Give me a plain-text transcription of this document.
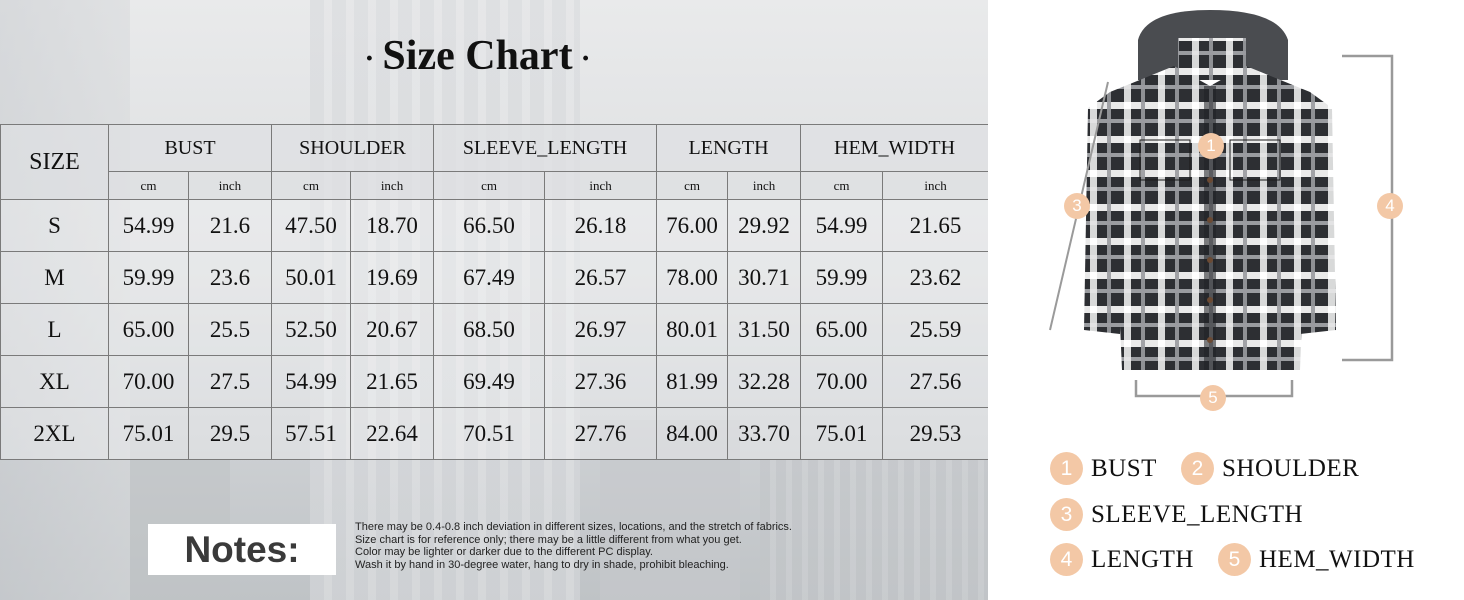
· Size Chart ·
SIZE	BUST		SHOULDER		SLEEVE_LENGTH		LENGTH		HEM_WIDTH	
	cm	inch	cm	inch	cm	inch	cm	inch	cm	inch
S	54.99	21.6	47.50	18.70	66.50	26.18	76.00	29.92	54.99	21.65
M	59.99	23.6	50.01	19.69	67.49	26.57	78.00	30.71	59.99	23.62
L	65.00	25.5	52.50	20.67	68.50	26.97	80.01	31.50	65.00	25.59
XL	70.00	27.5	54.99	21.65	69.49	27.36	81.99	32.28	70.00	27.56
2XL	75.01	29.5	57.51	22.64	70.51	27.76	84.00	33.70	75.01	29.53
Notes:
There may be 0.4-0.8 inch deviation in different sizes, locations, and the stretch of fabrics.
Size chart is for reference only; there may be a little different from what you get.
Color may be lighter or darker due to the different PC display.
Wash it by hand in 30-degree water, hang to dry in shade, prohibit bleaching.
1
3	4
5
1 BUST	2 SHOULDER
3 SLEEVE_LENGTH
4 LENGTH	5 HEM_WIDTH
